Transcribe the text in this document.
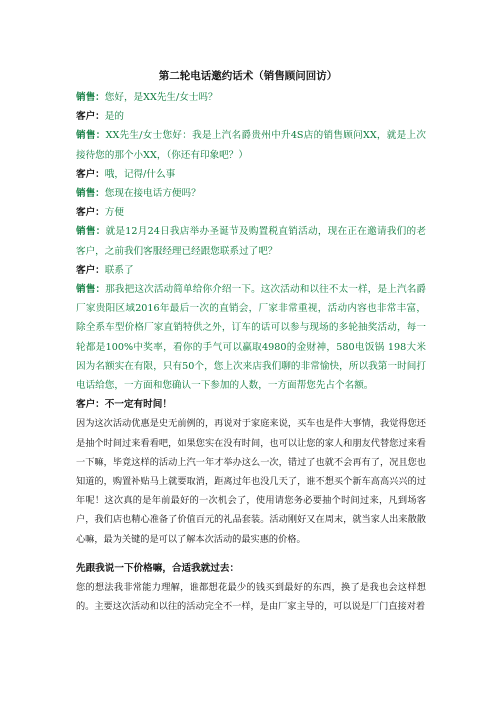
第二轮电话邀约话术（销售顾问回访）

销售：您好，是XX先生/女士吗？

客户：是的

销售：XX先生/女士您好：我是上汽名爵贵州中升4S店的销售顾问XX，就是上次接待您的那个小XX，（你还有印象吧？）

客户：哦，记得/什么事

销售：您现在接电话方便吗？

客户：方便

销售：就是12月24日我店举办圣诞节及购置税直销活动，现在正在邀请我们的老客户，之前我们客服经理已经跟您联系过了吧？

客户：联系了

销售：那我把这次活动简单给你介绍一下。这次活动和以往不太一样，是上汽名爵厂家贵阳区域2016年最后一次的直销会，厂家非常重视，活动内容也非常丰富，除全系车型价格厂家直销特供之外，订车的话可以参与现场的多轮抽奖活动，每一轮都是100%中奖率，看你的手气可以赢取4980的金财神，580电饭锅 198大米因为名额实在有限，只有50个，您上次来店我们聊的非常愉快，所以我第一时间打电话给您，一方面和您确认一下参加的人数，一方面帮您先占个名额。

客户：不一定有时间！

因为这次活动优惠是史无前例的，再说对于家庭来说，买车也是件大事情，我觉得您还是抽个时间过来看看吧，如果您实在没有时间，也可以让您的家人和朋友代替您过来看一下嘛，毕竟这样的活动上汽一年才举办这么一次，错过了也就不会再有了，况且您也知道的，购置补贴马上就要取消，距离过年也没几天了，谁不想买个新车高高兴兴的过年呢！这次真的是年前最好的一次机会了，使用请您务必要抽个时间过来，凡到场客户，我们店也精心准备了价值百元的礼品套装。活动刚好又在周末，就当家人出来散散心嘛，最为关键的是可以了解本次活动的最实惠的价格。

先跟我说一下价格嘛，合适我就过去：

您的想法我非常能力理解，谁都想花最少的钱买到最好的东西，换了是我也会这样想的。主要这次活动和以往的活动完全不一样，是由厂家主导的，可以说是厂门直接对着
